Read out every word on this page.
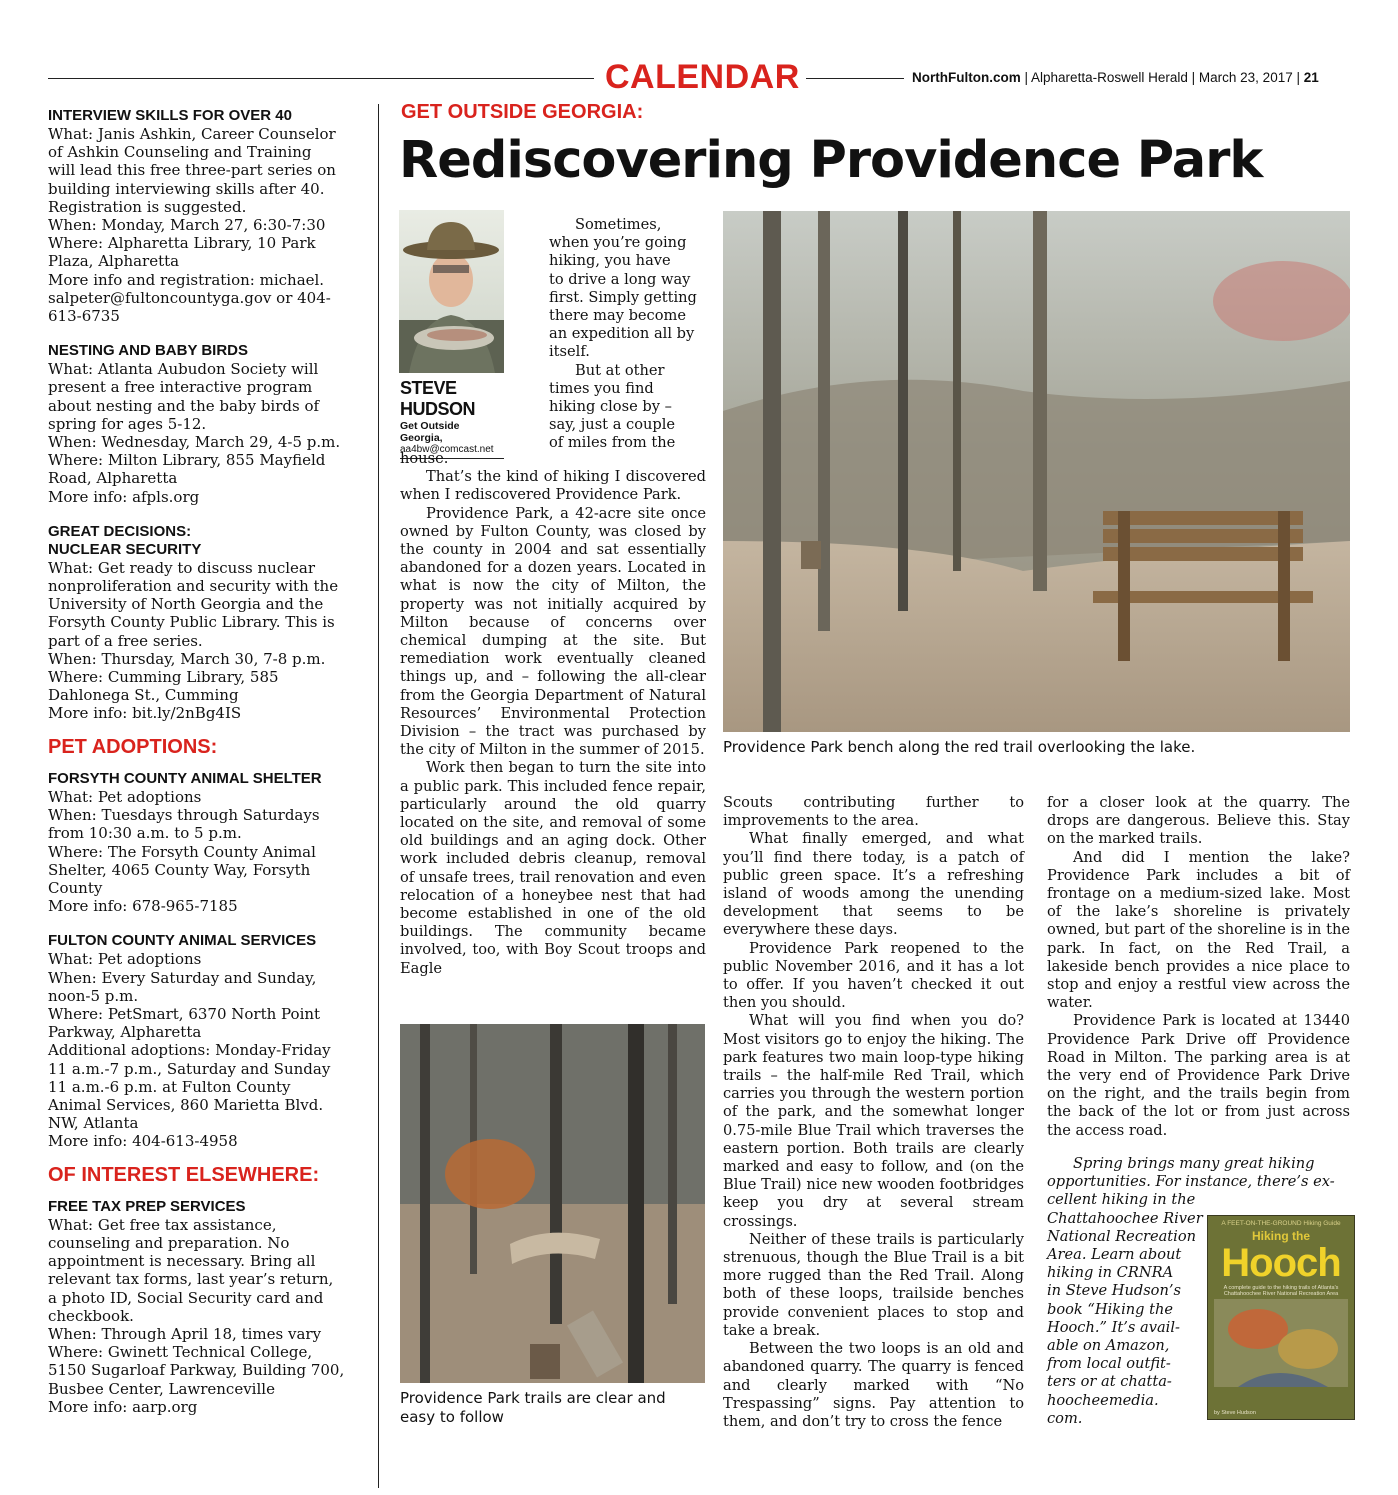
CALENDAR	NorthFulton.com | Alpharetta-Roswell Herald | March 23, 2017 | 21
INTERVIEW SKILLS FOR OVER 40

What: Janis Ashkin, Career Counselor

of Ashkin Counseling and Training

will lead this free three-part series on

building interviewing skills after 40.

Registration is suggested.

When: Monday, March 27, 6:30-7:30

Where: Alpharetta Library, 10 Park

Plaza, Alpharetta

More info and registration: michael.

salpeter@fultoncountyga.gov or 404-

613-6735

NESTING AND BABY BIRDS

What: Atlanta Aubudon Society will

present a free interactive program

about nesting and the baby birds of

spring for ages 5-12.

When: Wednesday, March 29, 4-5 p.m.

Where: Milton Library, 855 Mayfield

Road, Alpharetta

More info: afpls.org

GREAT DECISIONS:
NUCLEAR SECURITY

What: Get ready to discuss nuclear

nonproliferation and security with the

University of North Georgia and the

Forsyth County Public Library. This is

part of a free series.

When: Thursday, March 30, 7-8 p.m.

Where: Cumming Library, 585

Dahlonega St., Cumming

More info: bit.ly/2nBg4IS

PET ADOPTIONS:
FORSYTH COUNTY ANIMAL SHELTER

What: Pet adoptions

When: Tuesdays through Saturdays

from 10:30 a.m. to 5 p.m.

Where: The Forsyth County Animal

Shelter, 4065 County Way, Forsyth

County

More info: 678-965-7185

FULTON COUNTY ANIMAL SERVICES

What: Pet adoptions

When: Every Saturday and Sunday,

noon-5 p.m.

Where: PetSmart, 6370 North Point

Parkway, Alpharetta

Additional adoptions: Monday-Friday

11 a.m.-7 p.m., Saturday and Sunday

11 a.m.-6 p.m. at Fulton County

Animal Services, 860 Marietta Blvd.

NW, Atlanta

More info: 404-613-4958

OF INTEREST ELSEWHERE:
FREE TAX PREP SERVICES

What: Get free tax assistance,

counseling and preparation. No

appointment is necessary. Bring all

relevant tax forms, last year’s return,

a photo ID, Social Security card and

checkbook.

When: Through April 18, times vary

Where: Gwinett Technical College,

5150 Sugarloaf Parkway, Building 700,

Busbee Center, Lawrenceville

More info: aarp.org

GET OUTSIDE GEORGIA:
Rediscovering Providence Park
STEVE HUDSON
Get Outside Georgia,
aa4bw@comcast.net
Sometimes,
when you’re going
hiking, you have
to drive a long way
first. Simply getting
there may become
an expedition all by
itself.
But at other
times you find
hiking close by –
say, just a couple
of miles from the

house.

That’s the kind of hiking I discovered when I rediscovered Providence Park.

Providence Park, a 42-acre site once owned by Fulton County, was closed by the county in 2004 and sat essentially abandoned for a dozen years. Located in what is now the city of Milton, the property was not initially acquired by Milton because of concerns over chemical dumping at the site. But remediation work eventually cleaned things up, and – following the all-clear from the Georgia Department of Natural Resources’ Environmental Protection Division – the tract was purchased by the city of Milton in the summer of 2015.

Work then began to turn the site into a public park. This included fence repair, particularly around the old quarry located on the site, and removal of some old buildings and an aging dock. Other work included debris cleanup, removal of unsafe trees, trail renovation and even relocation of a honeybee nest that had become established in one of the old buildings. The community became involved, too, with Boy Scout troops and Eagle

Providence Park bench along the red trail overlooking the lake.

Scouts contributing further to improvements to the area.

What finally emerged, and what you’ll find there today, is a patch of public green space. It’s a refreshing island of woods among the unending development that seems to be everywhere these days.

Providence Park reopened to the public November 2016, and it has a lot to offer. If you haven’t checked it out then you should.

What will you find when you do? Most visitors go to enjoy the hiking. The park features two main loop-type hiking trails – the half-mile Red Trail, which carries you through the western portion of the park, and the somewhat longer 0.75-mile Blue Trail which traverses the eastern portion. Both trails are clearly marked and easy to follow, and (on the Blue Trail) nice new wooden footbridges keep you dry at several stream crossings.

Neither of these trails is particularly strenuous, though the Blue Trail is a bit more rugged than the Red Trail. Along both of these loops, trailside benches provide convenient places to stop and take a break.

Between the two loops is an old and abandoned quarry. The quarry is fenced and clearly marked with “No Trespassing” signs. Pay attention to them, and don’t try to cross the fence

for a closer look at the quarry. The drops are dangerous. Believe this. Stay on the marked trails.

And did I mention the lake? Providence Park includes a bit of frontage on a medium-sized lake. Most of the lake’s shoreline is privately owned, but part of the shoreline is in the park. In fact, on the Red Trail, a lakeside bench provides a nice place to stop and enjoy a restful view across the water.

Providence Park is located at 13440 Providence Park Drive off Providence Road in Milton. The parking area is at the very end of Providence Park Drive on the right, and the trails begin from the back of the lot or from just across the access road.

Providence Park trails are clear and easy to follow
Spring brings many great hiking
opportunities. For instance, there’s ex-
cellent hiking in the
Chattahoochee River
National Recreation
Area. Learn about
hiking in CRNRA
in Steve Hudson’s
book “Hiking the
Hooch.” It’s avail-
able on Amazon,
from local outfit-
ters or at chatta-
hoocheemedia.
com.
A FEET-ON-THE-GROUND Hiking Guide
Hiking the
Hooch
A complete guide to the hiking trails of Atlanta's Chattahoochee River National Recreation Area
by Steve Hudson
